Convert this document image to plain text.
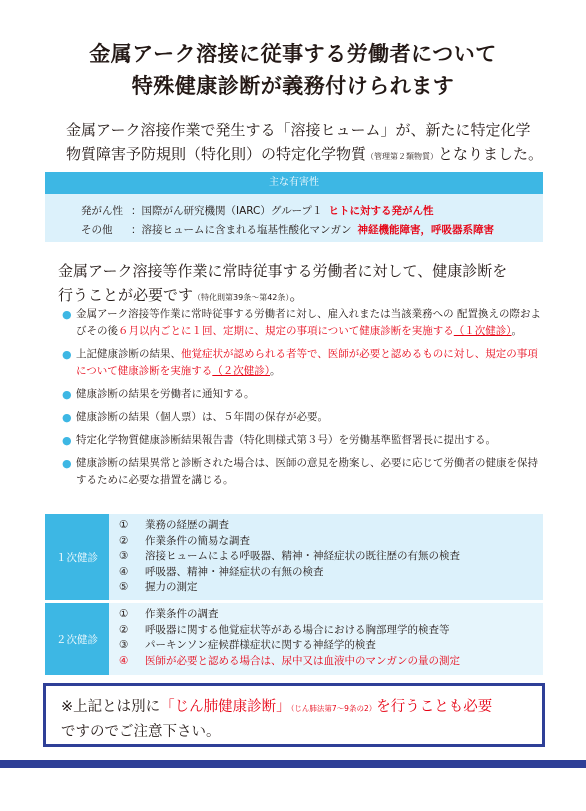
金属アーク溶接に従事する労働者について
特殊健康診断が義務付けられます
金属アーク溶接作業で発生する「溶接ヒューム」が、新たに特定化学
物質障害予防規則（特化則）の特定化学物質（管理第２類物質）となりました。
主な有害性
発がん性 ：国際がん研究機関（IARC）グループ１ ヒトに対する発がん性
その他 ：溶接ヒュームに含まれる塩基性酸化マンガン 神経機能障害，呼吸器系障害
金属アーク溶接等作業に常時従事する労働者に対して、健康診断を
行うことが必要です（特化則第39条～第42条）。
● 金属アーク溶接等作業に常時従事する労働者に対し、雇入れまたは当該業務への 配置換えの際およびその後６月以内ごとに１回、定期に、規定の事項について健康診断を実施する（１次健診）。
● 上記健康診断の結果、他覚症状が認められる者等で、医師が必要と認めるものに対し、規定の事項について健康診断を実施する（２次健診）。
● 健康診断の結果を労働者に通知する。
● 健康診断の結果（個人票）は、５年間の保存が必要。
● 特定化学物質健康診断結果報告書（特化則様式第３号）を労働基準監督署長に提出する。
● 健康診断の結果異常と診断された場合は、医師の意見を勘案し、必要に応じて労働者の健康を保持するために必要な措置を講じる。
１次健診
① 業務の経歴の調査
② 作業条件の簡易な調査
③ 溶接ヒュームによる呼吸器、精神・神経症状の既往歴の有無の検査
④ 呼吸器、精神・神経症状の有無の検査
⑤ 握力の測定
２次健診
① 作業条件の調査
② 呼吸器に関する他覚症状等がある場合における胸部理学的検査等
③ パーキンソン症候群様症状に関する神経学的検査
④ 医師が必要と認める場合は、尿中又は血液中のマンガンの量の測定
※上記とは別に「じん肺健康診断」（じん肺法第7～9条の2）を行うことも必要
ですのでご注意下さい。
